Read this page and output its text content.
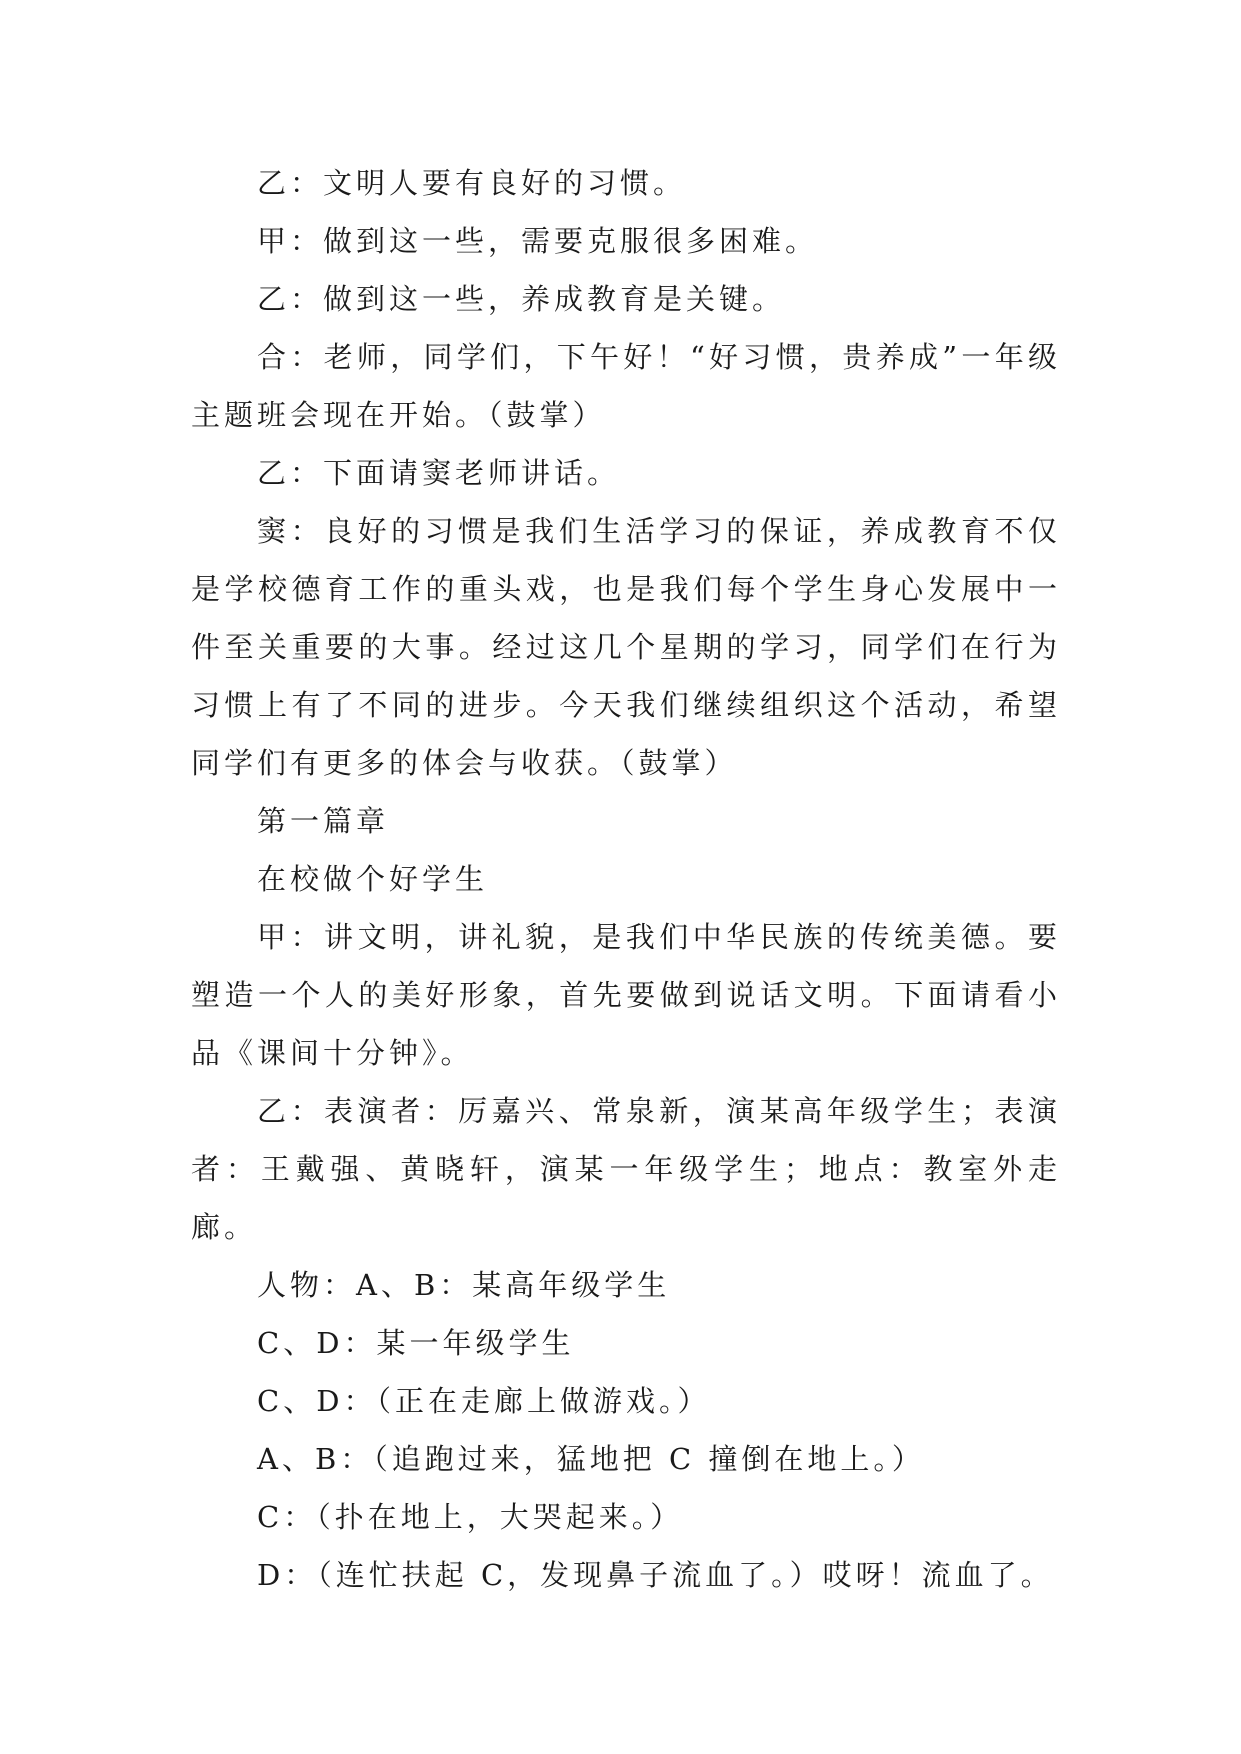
乙：文明人要有良好的习惯。

甲：做到这一些，需要克服很多困难。

乙：做到这一些，养成教育是关键。

合：老师，同学们，下午好！“好习惯，贵养成”一年级主题班会现在开始。（鼓掌）

乙：下面请窦老师讲话。

窦：良好的习惯是我们生活学习的保证，养成教育不仅是学校德育工作的重头戏，也是我们每个学生身心发展中一件至关重要的大事。经过这几个星期的学习，同学们在行为习惯上有了不同的进步。今天我们继续组织这个活动，希望同学们有更多的体会与收获。（鼓掌）

第一篇章

在校做个好学生

甲：讲文明，讲礼貌，是我们中华民族的传统美德。要塑造一个人的美好形象，首先要做到说话文明。下面请看小品《课间十分钟》。

乙：表演者：厉嘉兴、常泉新，演某高年级学生；表演者：王戴强、黄晓轩，演某一年级学生；地点：教室外走廊。

人物：A、B：某高年级学生

C、D：某一年级学生

C、D：（正在走廊上做游戏。）

A、B：（追跑过来，猛地把 C 撞倒在地上。）

C：（扑在地上，大哭起来。）

D：（连忙扶起 C，发现鼻子流血了。）哎呀！流血了。
